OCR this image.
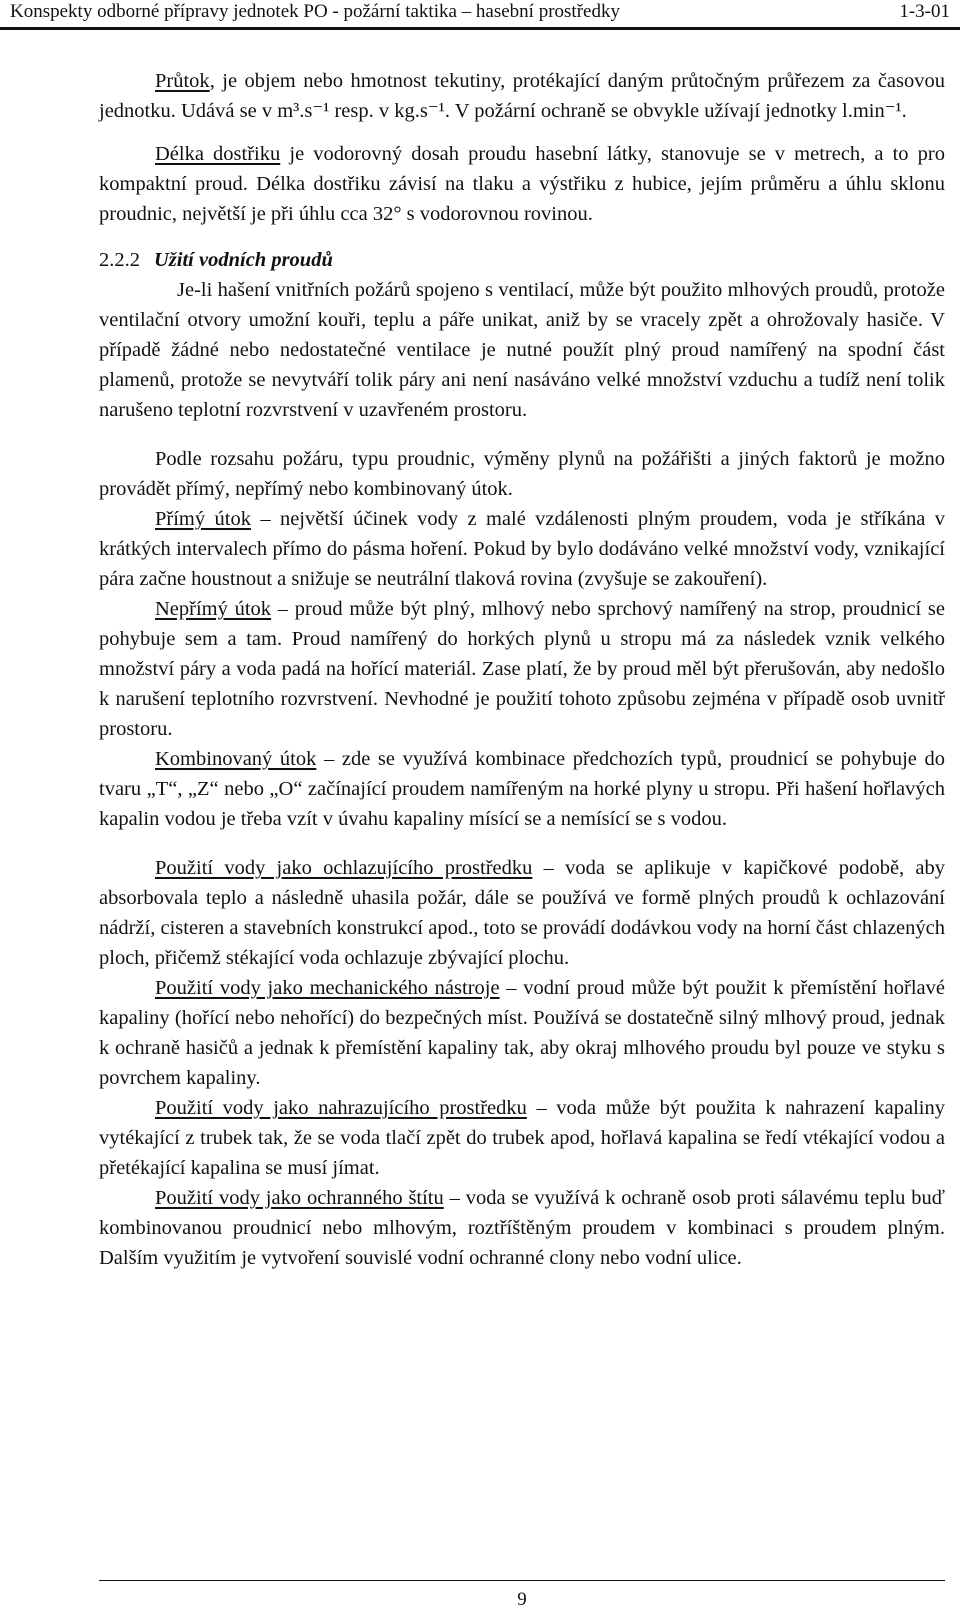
Konspekty odborné přípravy jednotek PO - požární taktika – hasební prostředky	1-3-01

Průtok, je objem nebo hmotnost tekutiny, protékající daným průtočným průřezem za časovou jednotku. Udává se v m³.s⁻¹ resp. v kg.s⁻¹. V požární ochraně se obvykle užívají jednotky l.min⁻¹.

Délka dostřiku je vodorovný dosah proudu hasební látky, stanovuje se v metrech, a to pro kompaktní proud. Délka dostřiku závisí na tlaku a výstřiku z hubice, jejím průměru a úhlu sklonu proudnic, největší je při úhlu cca 32° s vodorovnou rovinou.

2.2.2 Užití vodních proudů

Je-li hašení vnitřních požárů spojeno s ventilací, může být použito mlhových proudů, protože ventilační otvory umožní kouři, teplu a páře unikat, aniž by se vracely zpět a ohrožovaly hasiče. V případě žádné nebo nedostatečné ventilace je nutné použít plný proud namířený na spodní část plamenů, protože se nevytváří tolik páry ani není nasáváno velké množství vzduchu a tudíž není tolik narušeno teplotní rozvrstvení v uzavřeném prostoru.

Podle rozsahu požáru, typu proudnic, výměny plynů na požářišti a jiných faktorů je možno provádět přímý, nepřímý nebo kombinovaný útok.

Přímý útok – největší účinek vody z malé vzdálenosti plným proudem, voda je stříkána v krátkých intervalech přímo do pásma hoření. Pokud by bylo dodáváno velké množství vody, vznikající pára začne houstnout a snižuje se neutrální tlaková rovina (zvyšuje se zakouření).

Nepřímý útok – proud může být plný, mlhový nebo sprchový namířený na strop, proudnicí se pohybuje sem a tam. Proud namířený do horkých plynů u stropu má za následek vznik velkého množství páry a voda padá na hořící materiál. Zase platí, že by proud měl být přerušován, aby nedošlo k narušení teplotního rozvrstvení. Nevhodné je použití tohoto způsobu zejména v případě osob uvnitř prostoru.

Kombinovaný útok – zde se využívá kombinace předchozích typů, proudnicí se pohybuje do tvaru „T“, „Z“ nebo „O“ začínající proudem namířeným na horké plyny u stropu. Při hašení hořlavých kapalin vodou je třeba vzít v úvahu kapaliny mísící se a nemísící se s vodou.

Použití vody jako ochlazujícího prostředku – voda se aplikuje v kapičkové podobě, aby absorbovala teplo a následně uhasila požár, dále se používá ve formě plných proudů k ochlazování nádrží, cisteren a stavebních konstrukcí apod., toto se provádí dodávkou vody na horní část chlazených ploch, přičemž stékající voda ochlazuje zbývající plochu.

Použití vody jako mechanického nástroje – vodní proud může být použit k přemístění hořlavé kapaliny (hořící nebo nehořící) do bezpečných míst. Používá se dostatečně silný mlhový proud, jednak k ochraně hasičů a jednak k přemístění kapaliny tak, aby okraj mlhového proudu byl pouze ve styku s povrchem kapaliny.

Použití vody jako nahrazujícího prostředku – voda může být použita k nahrazení kapaliny vytékající z trubek tak, že se voda tlačí zpět do trubek apod, hořlavá kapalina se ředí vtékající vodou a přetékající kapalina se musí jímat.

Použití vody jako ochranného štítu – voda se využívá k ochraně osob proti sálavému teplu buď kombinovanou proudnicí nebo mlhovým, roztříštěným proudem v kombinaci s proudem plným. Dalším využitím je vytvoření souvislé vodní ochranné clony nebo vodní ulice.

9
